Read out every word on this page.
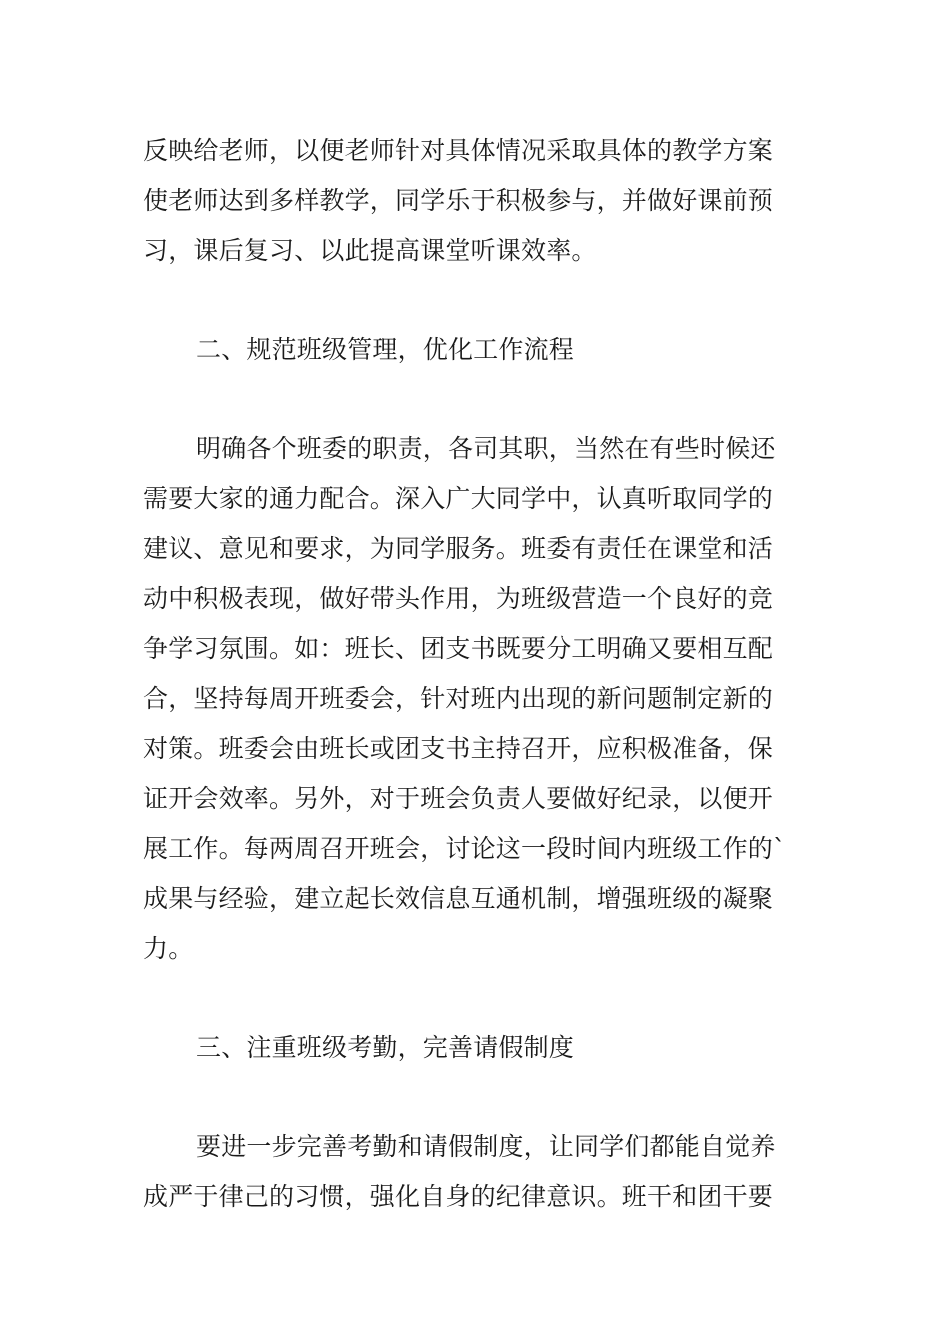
反映给老师，以便老师针对具体情况采取具体的教学方案
使老师达到多样教学，同学乐于积极参与，并做好课前预
习，课后复习、以此提高课堂听课效率。
二、规范班级管理，优化工作流程
明确各个班委的职责，各司其职，当然在有些时候还
需要大家的通力配合。深入广大同学中，认真听取同学的
建议、意见和要求，为同学服务。班委有责任在课堂和活
动中积极表现，做好带头作用，为班级营造一个良好的竞
争学习氛围。如：班长、团支书既要分工明确又要相互配
合，坚持每周开班委会，针对班内出现的新问题制定新的
对策。班委会由班长或团支书主持召开，应积极准备，保
证开会效率。另外，对于班会负责人要做好纪录，以便开
展工作。每两周召开班会，讨论这一段时间内班级工作的`
成果与经验，建立起长效信息互通机制，增强班级的凝聚
力。
三、注重班级考勤，完善请假制度
要进一步完善考勤和请假制度，让同学们都能自觉养
成严于律己的习惯，强化自身的纪律意识。班干和团干要
